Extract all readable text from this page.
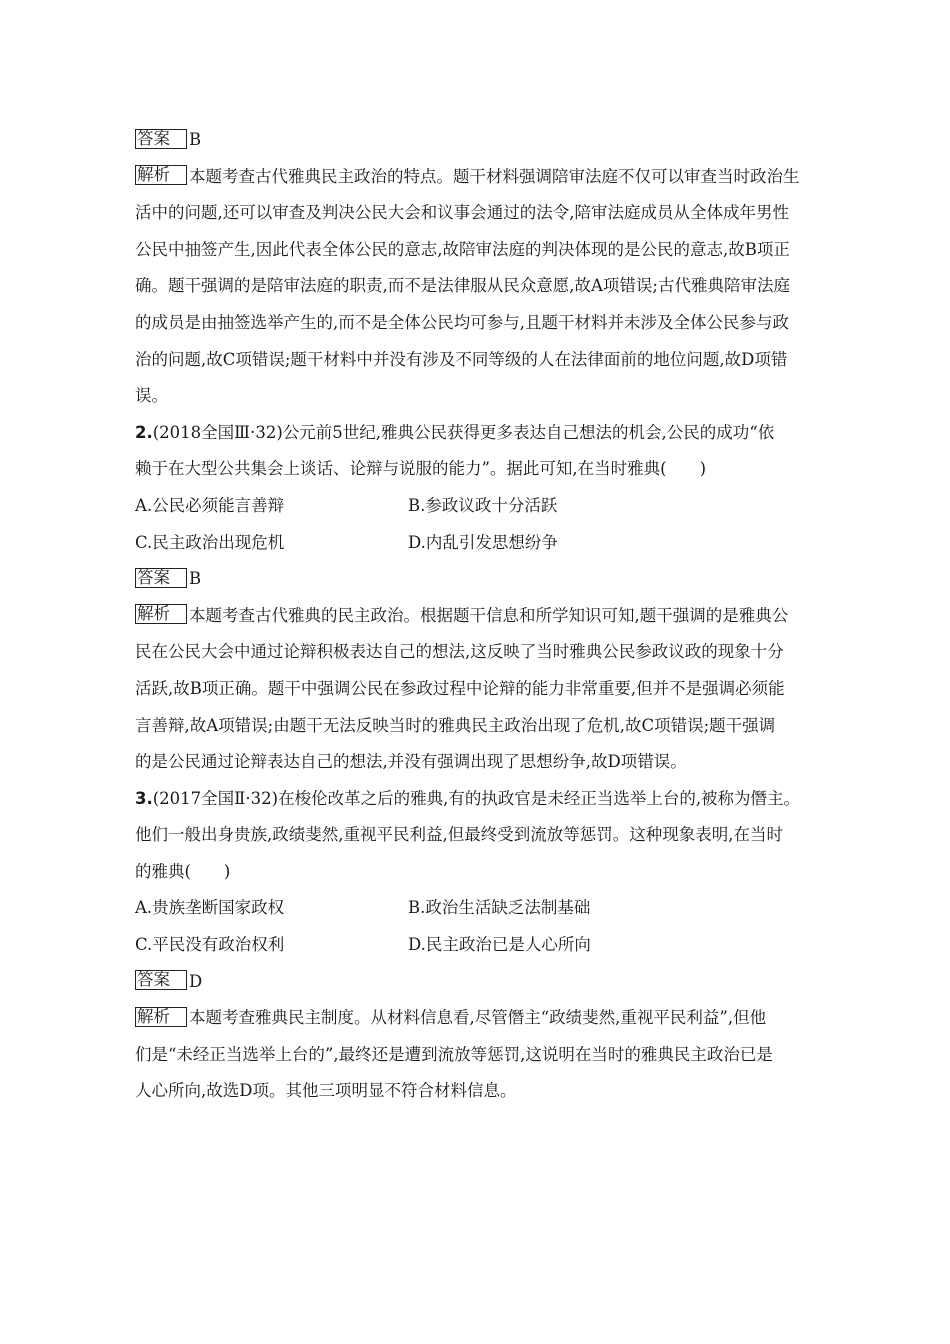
答案 B
解析 本题考查古代雅典民主政治的特点。题干材料强调陪审法庭不仅可以审查当时政治生
活中的问题,还可以审查及判决公民大会和议事会通过的法令,陪审法庭成员从全体成年男性
公民中抽签产生,因此代表全体公民的意志,故陪审法庭的判决体现的是公民的意志,故B项正
确。题干强调的是陪审法庭的职责,而不是法律服从民众意愿,故A项错误;古代雅典陪审法庭
的成员是由抽签选举产生的,而不是全体公民均可参与,且题干材料并未涉及全体公民参与政
治的问题,故C项错误;题干材料中并没有涉及不同等级的人在法律面前的地位问题,故D项错
误。
2.(2018全国Ⅲ·32)公元前5世纪,雅典公民获得更多表达自己想法的机会,公民的成功“依
赖于在大型公共集会上谈话、论辩与说服的能力”。据此可知,在当时雅典(　　)
A.公民必须能言善辩	B.参政议政十分活跃
C.民主政治出现危机	D.内乱引发思想纷争
答案 B
解析 本题考查古代雅典的民主政治。根据题干信息和所学知识可知,题干强调的是雅典公
民在公民大会中通过论辩积极表达自己的想法,这反映了当时雅典公民参政议政的现象十分
活跃,故B项正确。题干中强调公民在参政过程中论辩的能力非常重要,但并不是强调必须能
言善辩,故A项错误;由题干无法反映当时的雅典民主政治出现了危机,故C项错误;题干强调
的是公民通过论辩表达自己的想法,并没有强调出现了思想纷争,故D项错误。
3.(2017全国Ⅱ·32)在梭伦改革之后的雅典,有的执政官是未经正当选举上台的,被称为僭主。
他们一般出身贵族,政绩斐然,重视平民利益,但最终受到流放等惩罚。这种现象表明,在当时
的雅典(　　)
A.贵族垄断国家政权	B.政治生活缺乏法制基础
C.平民没有政治权利	D.民主政治已是人心所向
答案 D
解析 本题考查雅典民主制度。从材料信息看,尽管僭主“政绩斐然,重视平民利益”,但他
们是“未经正当选举上台的”,最终还是遭到流放等惩罚,这说明在当时的雅典民主政治已是
人心所向,故选D项。其他三项明显不符合材料信息。
